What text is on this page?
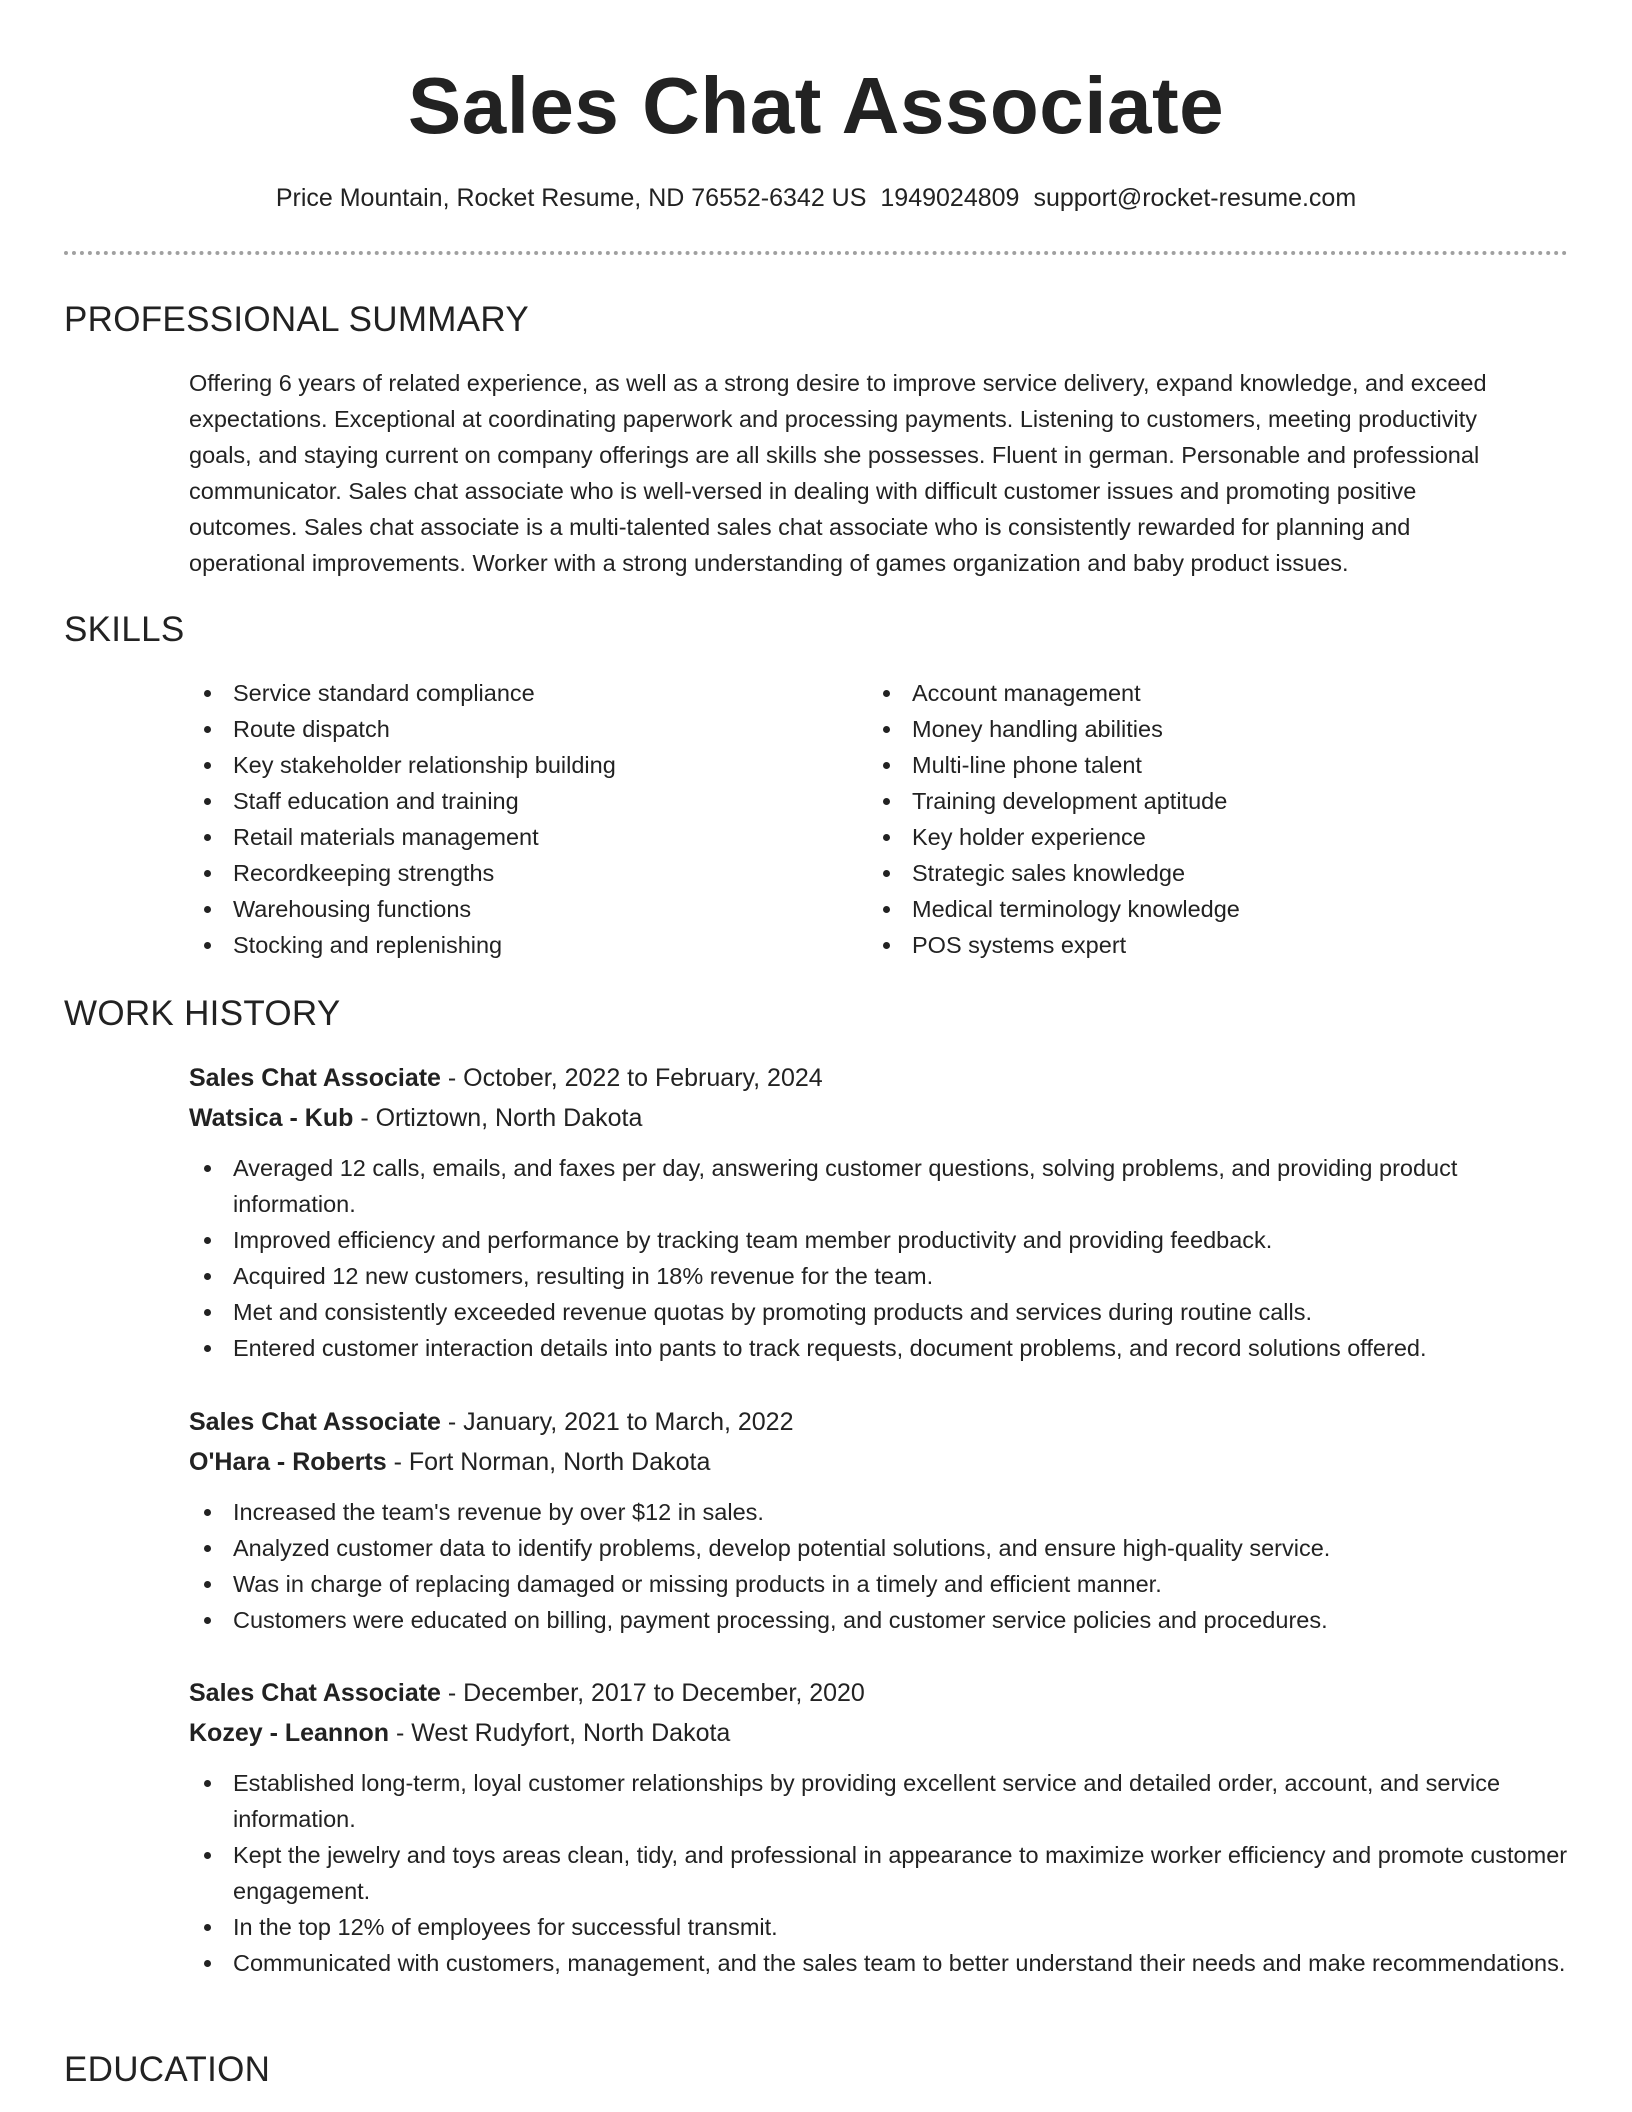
Sales Chat Associate
Price Mountain, Rocket Resume, ND 76552-6342 US 1949024809 support@rocket-resume.com
PROFESSIONAL SUMMARY
Offering 6 years of related experience, as well as a strong desire to improve service delivery, expand knowledge, and exceed
expectations. Exceptional at coordinating paperwork and processing payments. Listening to customers, meeting productivity
goals, and staying current on company offerings are all skills she possesses. Fluent in german. Personable and professional
communicator. Sales chat associate who is well-versed in dealing with difficult customer issues and promoting positive
outcomes. Sales chat associate is a multi-talented sales chat associate who is consistently rewarded for planning and
operational improvements. Worker with a strong understanding of games organization and baby product issues.
SKILLS
Service standard compliance
Route dispatch
Key stakeholder relationship building
Staff education and training
Retail materials management
Recordkeeping strengths
Warehousing functions
Stocking and replenishing
Account management
Money handling abilities
Multi-line phone talent
Training development aptitude
Key holder experience
Strategic sales knowledge
Medical terminology knowledge
POS systems expert
WORK HISTORY
Sales Chat Associate - October, 2022 to February, 2024
Watsica - Kub - Ortiztown, North Dakota
Averaged 12 calls, emails, and faxes per day, answering customer questions, solving problems, and providing product information.
Improved efficiency and performance by tracking team member productivity and providing feedback.
Acquired 12 new customers, resulting in 18% revenue for the team.
Met and consistently exceeded revenue quotas by promoting products and services during routine calls.
Entered customer interaction details into pants to track requests, document problems, and record solutions offered.
Sales Chat Associate - January, 2021 to March, 2022
O'Hara - Roberts - Fort Norman, North Dakota
Increased the team's revenue by over $12 in sales.
Analyzed customer data to identify problems, develop potential solutions, and ensure high-quality service.
Was in charge of replacing damaged or missing products in a timely and efficient manner.
Customers were educated on billing, payment processing, and customer service policies and procedures.
Sales Chat Associate - December, 2017 to December, 2020
Kozey - Leannon - West Rudyfort, North Dakota
Established long-term, loyal customer relationships by providing excellent service and detailed order, account, and service information.
Kept the jewelry and toys areas clean, tidy, and professional in appearance to maximize worker efficiency and promote customer engagement.
In the top 12% of employees for successful transmit.
Communicated with customers, management, and the sales team to better understand their needs and make recommendations.
EDUCATION
